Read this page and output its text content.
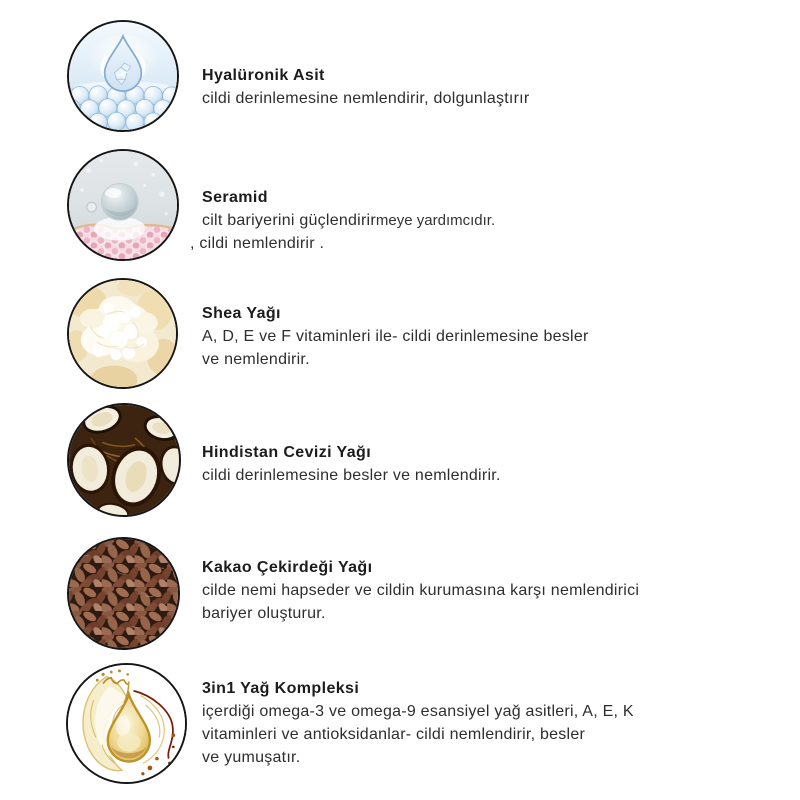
Hyalüronik Asit
cildi derinlemesine nemlendirir, dolgunlaştırır
Seramid
cilt bariyerini güçlendirirmeye yardımcıdır.
, cildi nemlendirir .
Shea Yağı
A, D, E ve F vitaminleri ile- cildi derinlemesine besler
ve nemlendirir.
Hindistan Cevizi Yağı
cildi derinlemesine besler ve nemlendirir.
Kakao Çekirdeği Yağı
cilde nemi hapseder ve cildin kurumasına karşı nemlendirici
bariyer oluşturur.
3in1 Yağ Kompleksi
içerdiği omega-3 ve omega-9 esansiyel yağ asitleri, A, E, K
vitaminleri ve antioksidanlar- cildi nemlendirir, besler
ve yumuşatır.
